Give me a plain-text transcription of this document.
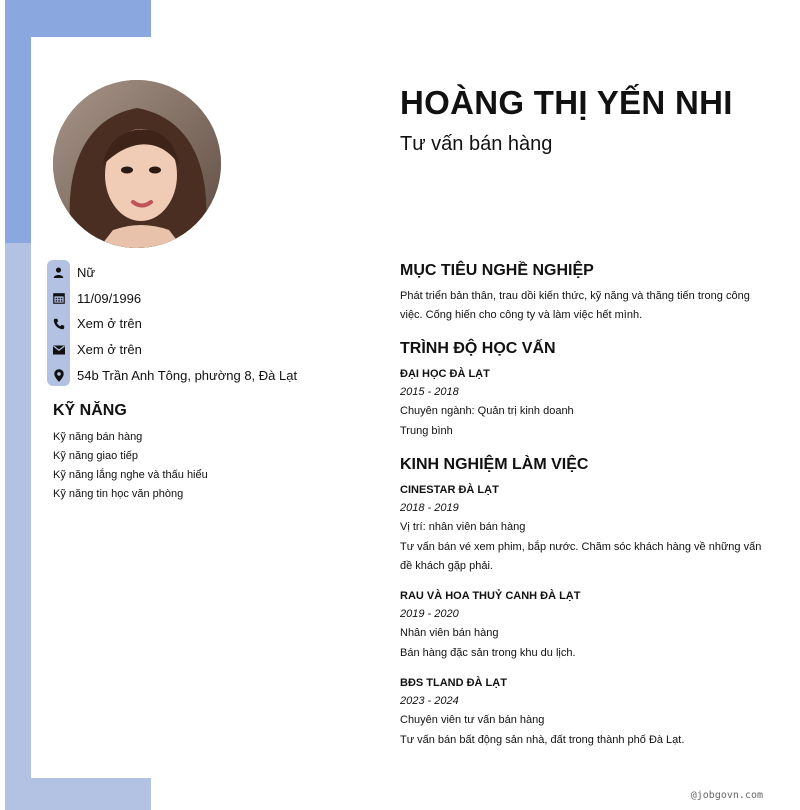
HOÀNG THỊ YẾN NHI
Tư vấn bán hàng
Nữ
11/09/1996
Xem ở trên
Xem ở trên
54b Trần Anh Tông, phường 8, Đà Lạt
KỸ NĂNG
Kỹ năng bán hàng
Kỹ năng giao tiếp
Kỹ năng lắng nghe và thấu hiểu
Kỹ năng tin học văn phòng
MỤC TIÊU NGHỀ NGHIỆP

Phát triển bản thân, trau dồi kiến thức, kỹ năng và thăng tiến trong công việc. Cống hiến cho công ty và làm việc hết mình.

TRÌNH ĐỘ HỌC VẤN
ĐẠI HỌC ĐÀ LẠT
2015 - 2018
Chuyên ngành: Quản trị kinh doanh
Trung bình
KINH NGHIỆM LÀM VIỆC
CINESTAR ĐÀ LẠT
2018 - 2019
Vị trí: nhân viên bán hàng
Tư vấn bán vé xem phim, bắp nước. Chăm sóc khách hàng về những vấn đề khách gặp phải.
RAU VÀ HOA THUỶ CANH ĐÀ LẠT
2019 - 2020
Nhân viên bán hàng
Bán hàng đặc sản trong khu du lịch.
BĐS TLAND ĐÀ LẠT
2023 - 2024
Chuyên viên tư vấn bán hàng
Tư vấn bán bất động sản nhà, đất trong thành phố Đà Lạt.
@jobgovn.com
